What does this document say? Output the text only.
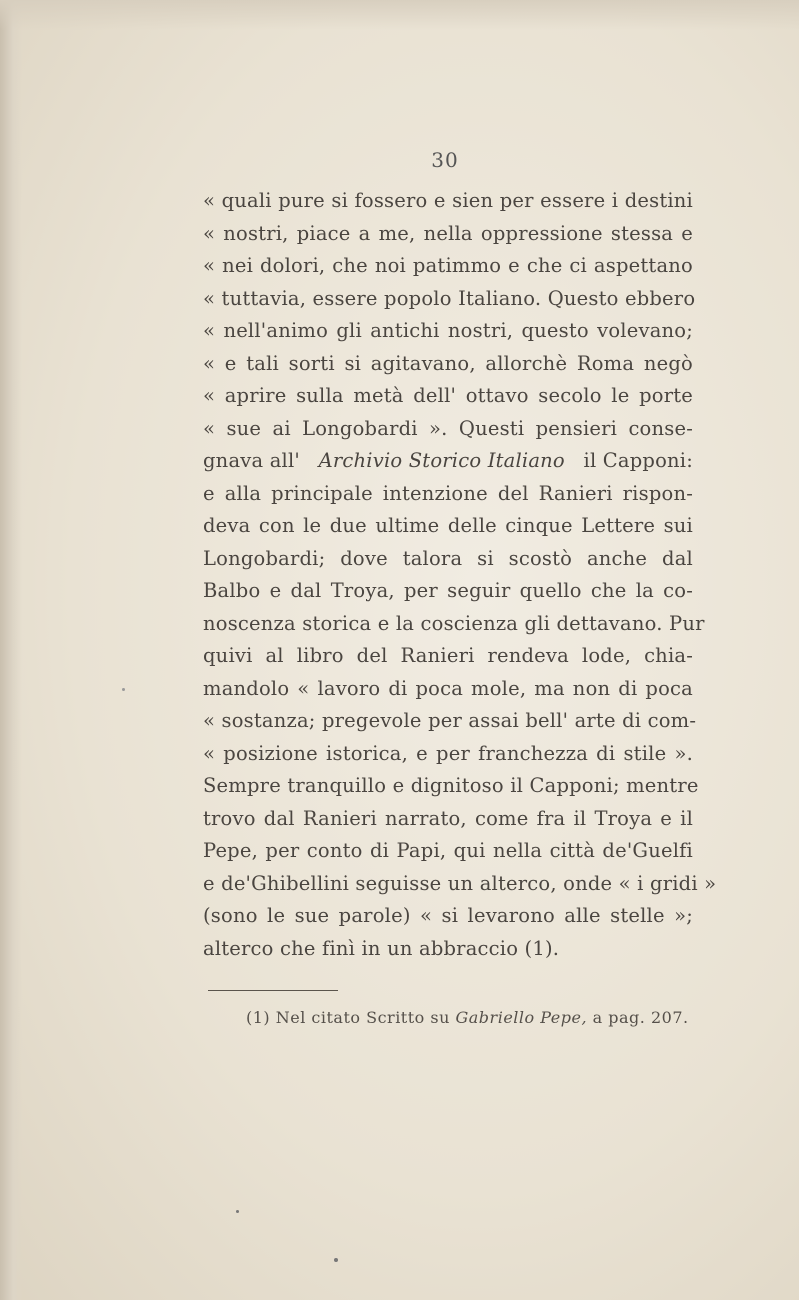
30
« quali pure si fossero e sien per essere i destini
« nostri, piace a me, nella oppressione stessa e
« nei dolori, che noi patimmo e che ci aspettano
« tuttavia, essere popolo Italiano. Questo ebbero
« nell'animo gli antichi nostri, questo volevano;
« e tali sorti si agitavano, allorchè Roma negò
« aprire sulla metà dell' ottavo secolo le porte
« sue ai Longobardi ». Questi pensieri conse-
gnava all' Archivio Storico Italiano il Capponi:
e alla principale intenzione del Ranieri rispon-
deva con le due ultime delle cinque Lettere sui
Longobardi; dove talora si scostò anche dal
Balbo e dal Troya, per seguir quello che la co-
noscenza storica e la coscienza gli dettavano. Pur
quivi al libro del Ranieri rendeva lode, chia-
mandolo « lavoro di poca mole, ma non di poca
« sostanza; pregevole per assai bell' arte di com-
« posizione istorica, e per franchezza di stile ».
Sempre tranquillo e dignitoso il Capponi; mentre
trovo dal Ranieri narrato, come fra il Troya e il
Pepe, per conto di Papi, qui nella città de'Guelfi
e de'Ghibellini seguisse un alterco, onde « i gridi »
(sono le sue parole) « si levarono alle stelle »;
alterco che finì in un abbraccio (1).
(1) Nel citato Scritto su Gabriello Pepe, a pag. 207.
